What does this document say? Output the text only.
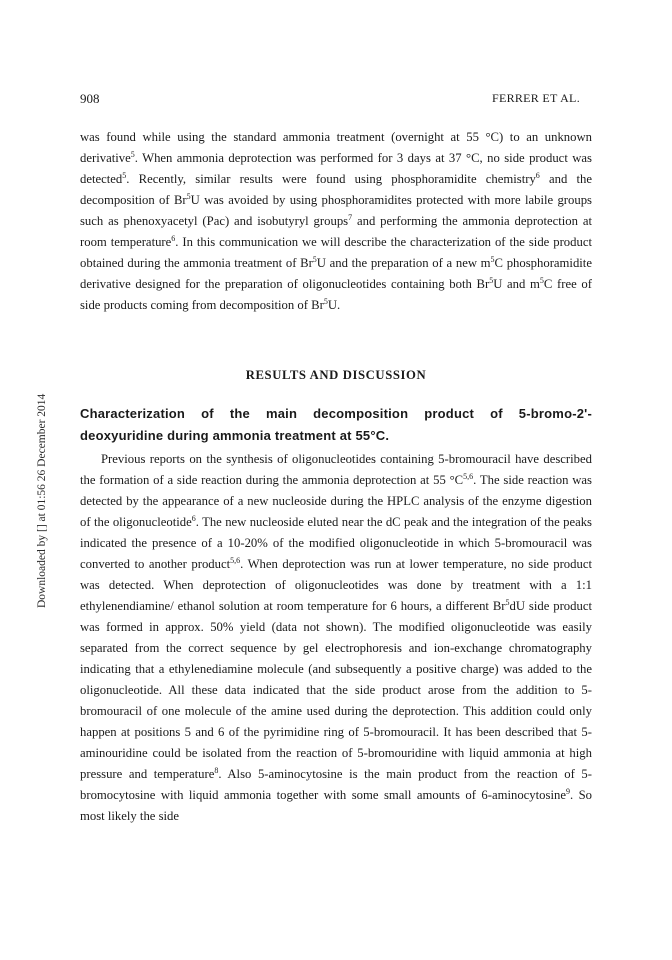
908	FERRER ET AL.
Downloaded by [] at 01:56 26 December 2014

was found while using the standard ammonia treatment (overnight at 55 °C) to an unknown derivative$^5$. When ammonia deprotection was performed for 3 days at 37 °C, no side product was detected$^5$. Recently, similar results were found using phosphoramidite chemistry$^6$ and the decomposition of Br$^5$U was avoided by using phosphoramidites protected with more labile groups such as phenoxyacetyl (Pac) and isobutyryl groups$^7$ and performing the ammonia deprotection at room temperature$^6$. In this communication we will describe the characterization of the side product obtained during the ammonia treatment of Br$^5$U and the preparation of a new $m^5C$ phosphoramidite derivative designed for the preparation of oligonucleotides containing both Br$^5$U and $m^5C$ free of side products coming from decomposition of Br$^5$U.

RESULTS AND DISCUSSION
Characterization of the main decomposition product of 5-bromo-2'-
deoxyuridine during ammonia treatment at 55°C.

Previous reports on the synthesis of oligonucleotides containing 5-bromouracil have described the formation of a side reaction during the ammonia deprotection at 55 $^\circ C^{5,6}$. The side reaction was detected by the appearance of a new nucleoside during the HPLC analysis of the enzyme digestion of the oligonucleotide$^6$. The new nucleoside eluted near the dC peak and the integration of the peaks indicated the presence of a 10-20% of the modified oligonucleotide in which 5-bromouracil was converted to another product$^{5,6}$. When deprotection was run at lower temperature, no side product was detected. When deprotection of oligonucleotides was done by treatment with a 1:1 ethylenendiamine/ ethanol solution at room temperature for 6 hours, a different Br$^5$dU side product was formed in approx. 50% yield (data not shown). The modified oligonucleotide was easily separated from the correct sequence by gel electrophoresis and ion-exchange chromatography indicating that a ethylenediamine molecule (and subsequently a positive charge) was added to the oligonucleotide. All these data indicated that the side product arose from the addition to 5-bromouracil of one molecule of the amine used during the deprotection. This addition could only happen at positions 5 and 6 of the pyrimidine ring of 5-bromouracil. It has been described that 5-aminouridine could be isolated from the reaction of 5-bromouridine with liquid ammonia at high pressure and temperature$^8$. Also 5-aminocytosine is the main product from the reaction of 5-bromocytosine with liquid ammonia together with some small amounts of 6-aminocytosine$^9$. So most likely the side
